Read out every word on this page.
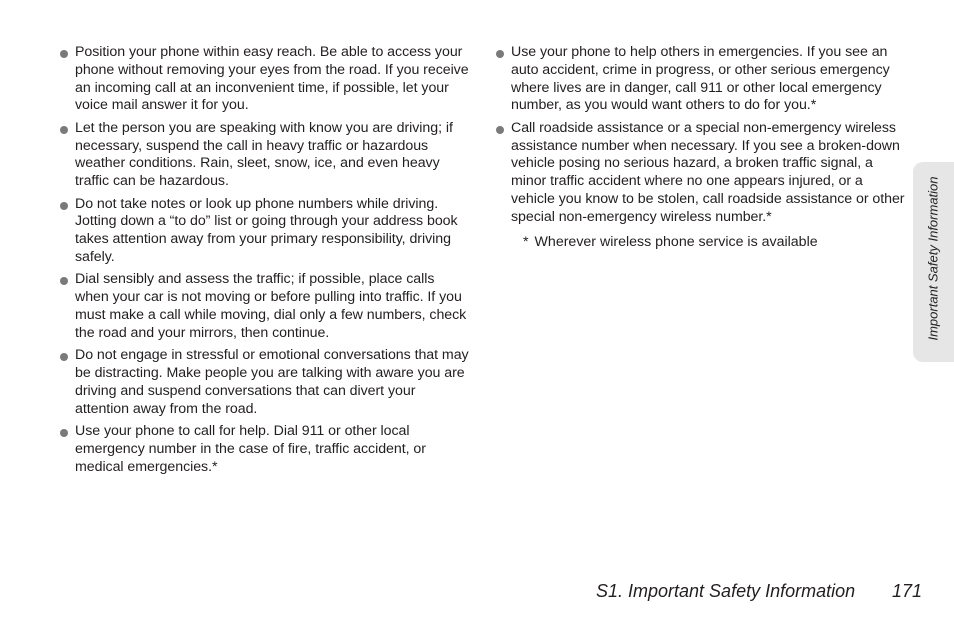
Position your phone within easy reach. Be able to access your phone without removing your eyes from the road. If you receive an incoming call at an inconvenient time, if possible, let your voice mail answer it for you.
Let the person you are speaking with know you are driving; if necessary, suspend the call in heavy traffic or hazardous weather conditions. Rain, sleet, snow, ice, and even heavy traffic can be hazardous.
Do not take notes or look up phone numbers while driving. Jotting down a “to do” list or going through your address book takes attention away from your primary responsibility, driving safely.
Dial sensibly and assess the traffic; if possible, place calls when your car is not moving or before pulling into traffic. If you must make a call while moving, dial only a few numbers, check the road and your mirrors, then continue.
Do not engage in stressful or emotional conversations that may be distracting. Make people you are talking with aware you are driving and suspend conversations that can divert your attention away from the road.
Use your phone to call for help. Dial 911 or other local emergency number in the case of fire, traffic accident, or medical emergencies.*
Use your phone to help others in emergencies. If you see an auto accident, crime in progress, or other serious emergency where lives are in danger, call 911 or other local emergency number, as you would want others to do for you.*
Call roadside assistance or a special non-emergency wireless assistance number when necessary. If you see a broken-down vehicle posing no serious hazard, a broken traffic signal, a minor traffic accident where no one appears injured, or a vehicle you know to be stolen, call roadside assistance or other special non-emergency wireless number.*
* Wherever wireless phone service is available	Important Safety Information
S1. Important Safety Information 171
